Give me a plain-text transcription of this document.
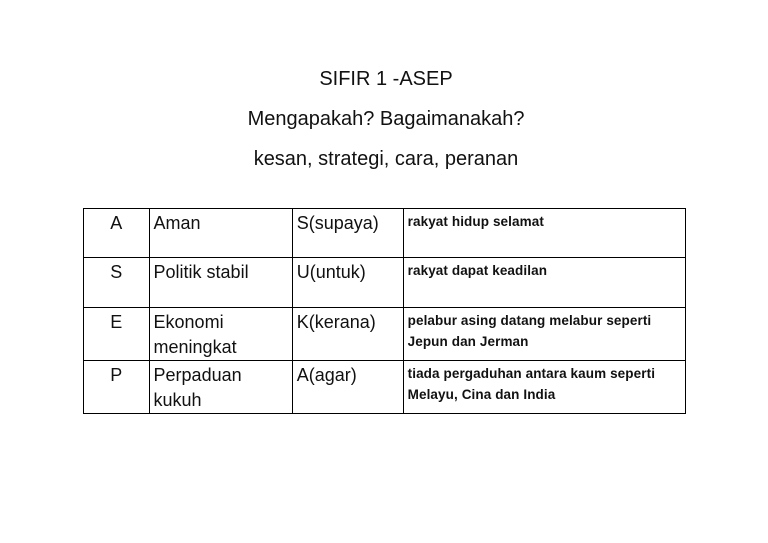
SIFIR 1 -ASEP
Mengapakah? Bagaimanakah?
kesan, strategi, cara, peranan
A	Aman	S(supaya)	rakyat hidup selamat

S	Politik stabil	U(untuk)	rakyat dapat keadilan

E	Ekonomi meningkat	K(kerana)	pelabur asing datang melabur seperti Jepun dan Jerman

P	Perpaduan kukuh	A(agar)	tiada pergaduhan antara kaum seperti Melayu, Cina dan India
